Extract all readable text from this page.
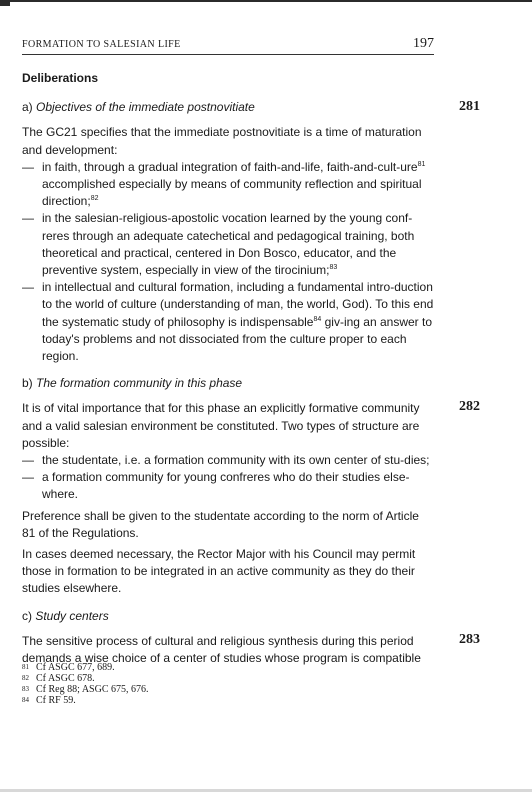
FORMATION TO SALESIAN LIFE	197
Deliberations
281
a) Objectives of the immediate postnovitiate

The GC21 specifies that the immediate postnovitiate is a time of maturation and development:

— in faith, through a gradual integration of faith-and-life, faith-and-cult-ure$^{81}$ accomplished especially by means of community reflection and spiritual direction;$^{82}$
— in the salesian-religious-apostolic vocation learned by the young conf-reres through an adequate catechetical and pedagogical training, both theoretical and practical, centered in Don Bosco, educator, and the preventive system, especially in view of the tirocinium;$^{83}$
— in intellectual and cultural formation, including a fundamental intro-duction to the world of culture (understanding of man, the world, God). To this end the systematic study of philosophy is indispensable$^{84}$ giv-ing an answer to today's problems and not dissociated from the culture proper to each region.
b) The formation community in this phase
282

It is of vital importance that for this phase an explicitly formative community and a valid salesian environment be constituted. Two types of structure are possible:

— the studentate, i.e. a formation community with its own center of stu-dies;
— a formation community for young confreres who do their studies else-where.

Preference shall be given to the studentate according to the norm of Article 81 of the Regulations.

In cases deemed necessary, the Rector Major with his Council may permit those in formation to be integrated in an active community as they do their studies elsewhere.

c) Study centers
283

The sensitive process of cultural and religious synthesis during this period demands a wise choice of a center of studies whose program is compatible

81 Cf ASGC 677, 689.
82 Cf ASGC 678.
83 Cf Reg 88; ASGC 675, 676.
84 Cf RF 59.
